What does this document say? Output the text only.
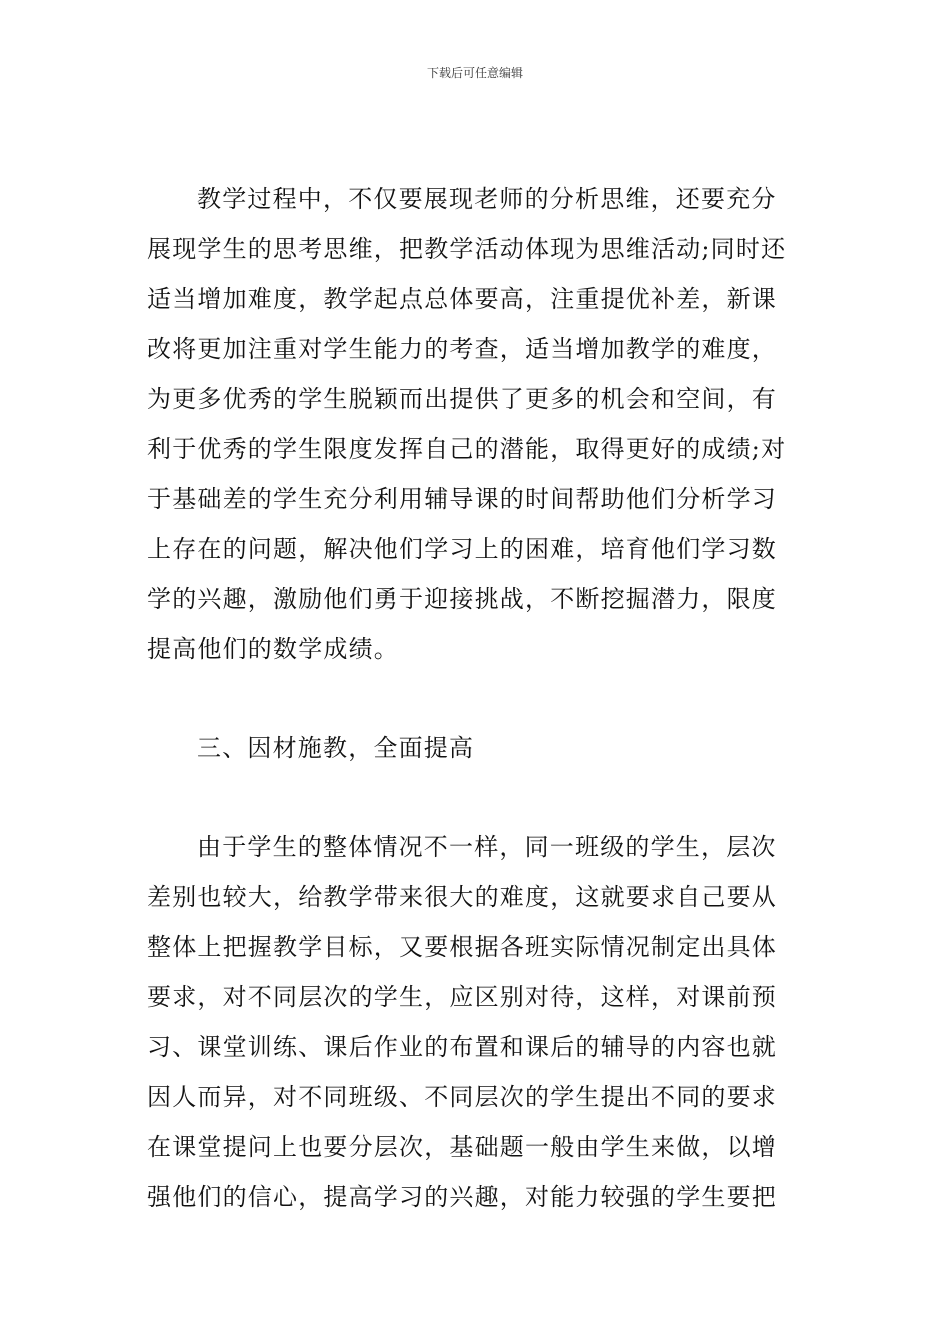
下载后可任意编辑
教学过程中，不仅要展现老师的分析思维，还要充分
展现学生的思考思维，把教学活动体现为思维活动;同时还
适当增加难度，教学起点总体要高，注重提优补差，新课
改将更加注重对学生能力的考查，适当增加教学的难度，
为更多优秀的学生脱颖而出提供了更多的机会和空间，有
利于优秀的学生限度发挥自己的潜能，取得更好的成绩;对
于基础差的学生充分利用辅导课的时间帮助他们分析学习
上存在的问题，解决他们学习上的困难，培育他们学习数
学的兴趣，激励他们勇于迎接挑战，不断挖掘潜力，限度
提高他们的数学成绩。
三、因材施教，全面提高
由于学生的整体情况不一样，同一班级的学生，层次
差别也较大，给教学带来很大的难度，这就要求自己要从
整体上把握教学目标，又要根据各班实际情况制定出具体
要求，对不同层次的学生，应区别对待，这样，对课前预
习、课堂训练、课后作业的布置和课后的辅导的内容也就
因人而异，对不同班级、不同层次的学生提出不同的要求
在课堂提问上也要分层次，基础题一般由学生来做，以增
强他们的信心，提高学习的兴趣，对能力较强的学生要把
